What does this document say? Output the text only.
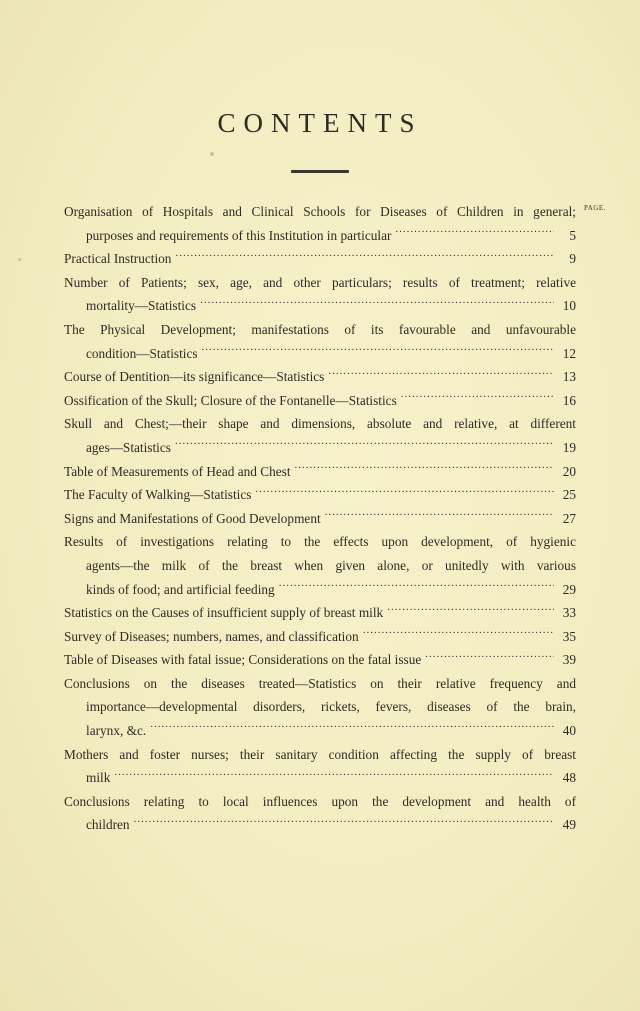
CONTENTS
PAGE.
Organisation of Hospitals and Clinical Schools for Diseases of Children in general;
purposes and requirements of this Institution in particular .....	5
Practical Instruction .....	9
Number of Patients; sex, age, and other particulars; results of treatment; relative
mortality—Statistics .....	10
The Physical Development; manifestations of its favourable and unfavourable
condition—Statistics .....	12
Course of Dentition—its significance—Statistics .....	13
Ossification of the Skull; Closure of the Fontanelle—Statistics .....	16
Skull and Chest;—their shape and dimensions, absolute and relative, at different
ages—Statistics .....	19
Table of Measurements of Head and Chest .....	20
The Faculty of Walking—Statistics .....	25
Signs and Manifestations of Good Development .....	27
Results of investigations relating to the effects upon development, of hygienic
agents—the milk of the breast when given alone, or unitedly with various
kinds of food; and artificial feeding .....	29
Statistics on the Causes of insufficient supply of breast milk .....	33
Survey of Diseases; numbers, names, and classification .....	35
Table of Diseases with fatal issue; Considerations on the fatal issue .....	39
Conclusions on the diseases treated—Statistics on their relative frequency and
importance—developmental disorders, rickets, fevers, diseases of the brain,
larynx, &c. .....	40
Mothers and foster nurses; their sanitary condition affecting the supply of breast
milk .....	48
Conclusions relating to local influences upon the development and health of
children .....	49
